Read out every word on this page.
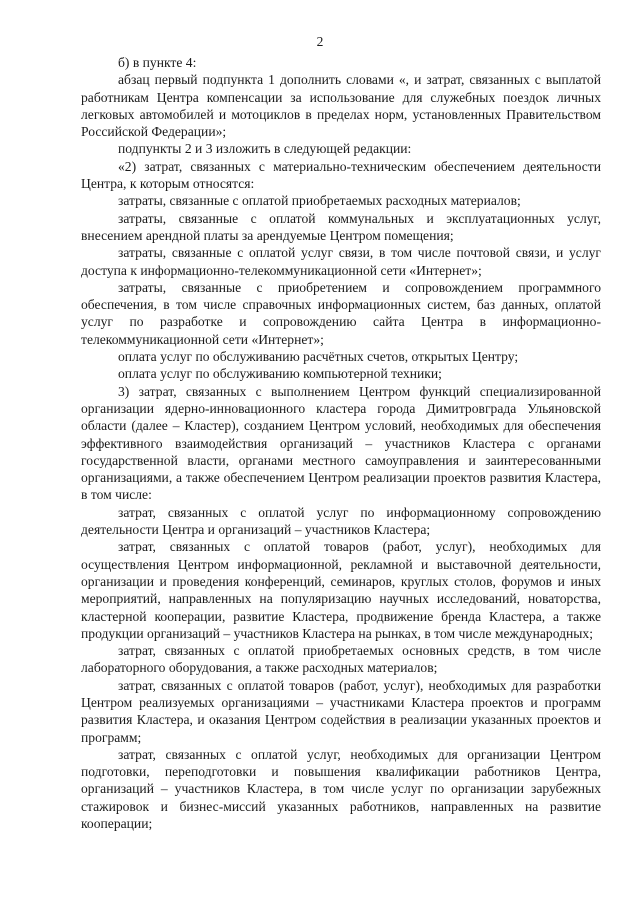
2

б) в пункте 4:

абзац первый подпункта 1 дополнить словами «, и затрат, связанных с выплатой работникам Центра компенсации за использование для служебных поездок личных легковых автомобилей и мотоциклов в пределах норм, установленных Правительством Российской Федерации»;

подпункты 2 и 3 изложить в следующей редакции:

«2) затрат, связанных с материально-техническим обеспечением деятельности Центра, к которым относятся:

затраты, связанные с оплатой приобретаемых расходных материалов;

затраты, связанные с оплатой коммунальных и эксплуатационных услуг, внесением арендной платы за арендуемые Центром помещения;

затраты, связанные с оплатой услуг связи, в том числе почтовой связи, и услуг доступа к информационно-телекоммуникационной сети «Интернет»;

затраты, связанные с приобретением и сопровождением программного обеспечения, в том числе справочных информационных систем, баз данных, оплатой услуг по разработке и сопровождению сайта Центра в информационно-телекоммуникационной сети «Интернет»;

оплата услуг по обслуживанию расчётных счетов, открытых Центру;

оплата услуг по обслуживанию компьютерной техники;

3) затрат, связанных с выполнением Центром функций специализированной организации ядерно-инновационного кластера города Димитровграда Ульяновской области (далее – Кластер), созданием Центром условий, необходимых для обеспечения эффективного взаимодействия организаций – участников Кластера с органами государственной власти, органами местного самоуправления и заинтересованными организациями, а также обеспечением Центром реализации проектов развития Кластера, в том числе:

затрат, связанных с оплатой услуг по информационному сопровождению деятельности Центра и организаций – участников Кластера;

затрат, связанных с оплатой товаров (работ, услуг), необходимых для осуществления Центром информационной, рекламной и выставочной деятельности, организации и проведения конференций, семинаров, круглых столов, форумов и иных мероприятий, направленных на популяризацию научных исследований, новаторства, кластерной кооперации, развитие Кластера, продвижение бренда Кластера, а также продукции организаций – участников Кластера на рынках, в том числе международных;

затрат, связанных с оплатой приобретаемых основных средств, в том числе лабораторного оборудования, а также расходных материалов;

затрат, связанных с оплатой товаров (работ, услуг), необходимых для разработки Центром реализуемых организациями – участниками Кластера проектов и программ развития Кластера, и оказания Центром содействия в реализации указанных проектов и программ;

затрат, связанных с оплатой услуг, необходимых для организации Центром подготовки, переподготовки и повышения квалификации работников Центра, организаций – участников Кластера, в том числе услуг по организации зарубежных стажировок и бизнес-миссий указанных работников, направленных на развитие кооперации;
